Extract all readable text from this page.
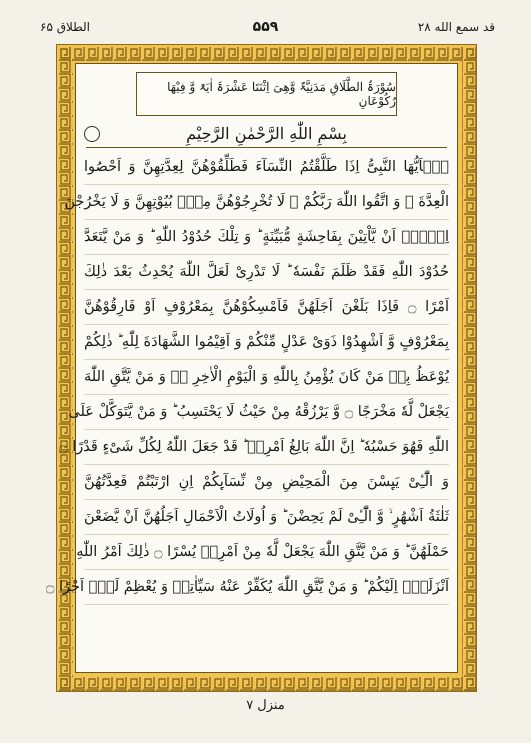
قد سمع الله ۲۸
۵۵۹
الطلاق ۶۵
سُوْرَۃُ الطَّلَاقِ مَدَنِیَّۃٌ وَّھِیَ اِثْنَتَا عَشْرَۃَ اٰیَۃً وَّ فِیْھَا رُکُوْعَانِ
بِسْمِ اللّٰهِ الرَّحْمٰنِ الرَّحِیْمِ
یٰۤاَیُّهَا النَّبِیُّ اِذَا طَلَّقْتُمُ النِّسَآءَ فَطَلِّقُوْهُنَّ لِعِدَّتِهِنَّ وَ اَحْصُوا
الْعِدَّةَ ۚ وَ اتَّقُوا اللّٰهَ رَبَّكُمْ ۚ لَا تُخْرِجُوْهُنَّ مِنْۢ بُیُوْتِهِنَّ وَ لَا یَخْرُجْنَ
اِلَّاۤ اَنْ یَّاْتِیْنَ بِفَاحِشَةٍ مُّبَیِّنَةٍ ؕ وَ تِلْكَ حُدُوْدُ اللّٰهِ ؕ وَ مَنْ یَّتَعَدَّ
حُدُوْدَ اللّٰهِ فَقَدْ ظَلَمَ نَفْسَهٗ ؕ لَا تَدْرِیْ لَعَلَّ اللّٰهَ یُحْدِثُ بَعْدَ ذٰلِكَ
اَمْرًا ۝ فَاِذَا بَلَغْنَ اَجَلَهُنَّ فَاَمْسِكُوْهُنَّ بِمَعْرُوْفٍ اَوْ فَارِقُوْهُنَّ
بِمَعْرُوْفٍ وَّ اَشْهِدُوْا ذَوَیْ عَدْلٍ مِّنْكُمْ وَ اَقِیْمُوا الشَّهَادَةَ لِلّٰهِ ؕ ذٰلِكُمْ
یُوْعَظُ بِهٖ مَنْ كَانَ یُؤْمِنُ بِاللّٰهِ وَ الْیَوْمِ الْاٰخِرِ ؕ۬ وَ مَنْ یَّتَّقِ اللّٰهَ
یَجْعَلْ لَّهٗ مَخْرَجًا ۝ وَّ یَرْزُقْهُ مِنْ حَیْثُ لَا یَحْتَسِبُ ؕ وَ مَنْ یَّتَوَكَّلْ عَلَی
اللّٰهِ فَهُوَ حَسْبُهٗ ؕ اِنَّ اللّٰهَ بَالِغُ اَمْرِهٖ ؕ قَدْ جَعَلَ اللّٰهُ لِكُلِّ شَیْءٍ قَدْرًا ۝
وَ الّٰٓـِٔیْ یَىِٕسْنَ مِنَ الْمَحِیْضِ مِنْ نِّسَآىِٕكُمْ اِنِ ارْتَبْتُمْ فَعِدَّتُهُنَّ
ثَلٰثَةُ اَشْهُرٍ ۙ وَّ الّٰٓـِٔیْ لَمْ یَحِضْنَ ؕ وَ اُولَاتُ الْاَحْمَالِ اَجَلُهُنَّ اَنْ یَّضَعْنَ
حَمْلَهُنَّ ؕ وَ مَنْ یَّتَّقِ اللّٰهَ یَجْعَلْ لَّهٗ مِنْ اَمْرِهٖ یُسْرًا ۝ ذٰلِكَ اَمْرُ اللّٰهِ
اَنْزَلَهٗۤ اِلَیْكُمْ ؕ وَ مَنْ یَّتَّقِ اللّٰهَ یُكَفِّرْ عَنْهُ سَیِّاٰتِهٖ وَ یُعْظِمْ لَهٗۤ اَجْرًا ۝
منزل ۷
